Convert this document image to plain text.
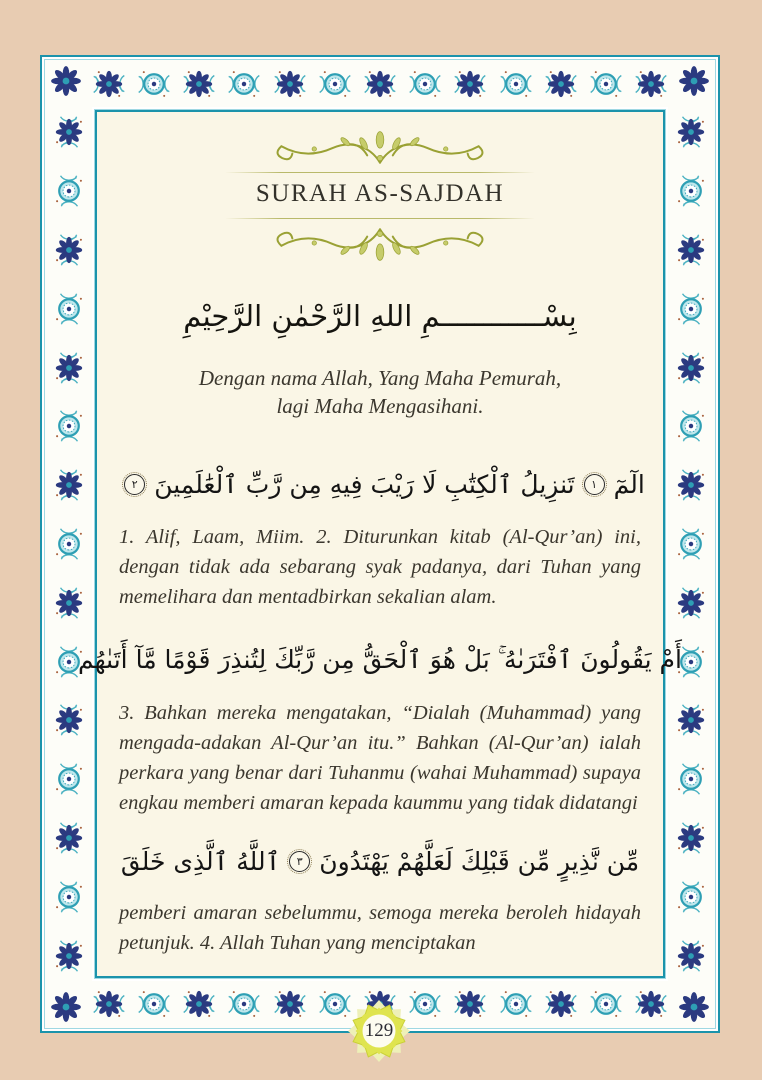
SURAH AS-SAJDAH
بِسْــــــــــــمِ اللهِ الرَّحْمٰنِ الرَّحِيْمِ
Dengan nama Allah, Yang Maha Pemurah,
lagi Maha Mengasihani.
الٓمٓ
١
تَنزِيلُ ٱلْكِتَٰبِ لَا رَيْبَ فِيهِ مِن رَّبِّ ٱلْعَٰلَمِينَ
٢

1. Alif, Laam, Miim. 2. Diturunkan kitab (Al-Qur’an) ini, dengan tidak ada sebarang syak padanya, dari Tuhan yang memelihara dan mentadbirkan sekalian alam.

أَمْ يَقُولُونَ ٱفْتَرَىٰهُ ۚ بَلْ هُوَ ٱلْحَقُّ مِن رَّبِّكَ لِتُنذِرَ قَوْمًا مَّآ أَتَىٰهُم

3. Bahkan mereka mengatakan, “Dialah (Muhammad) yang mengada-adakan Al-Qur’an itu.” Bahkan (Al-Qur’an) ialah perkara yang benar dari Tuhanmu (wahai Muhammad) supaya engkau memberi amaran kepada kaummu yang tidak didatangi

مِّن نَّذِيرٍ مِّن قَبْلِكَ لَعَلَّهُمْ يَهْتَدُونَ
٣
ٱللَّهُ ٱلَّذِى خَلَقَ

pemberi amaran sebelummu, semoga mereka beroleh hidayah petunjuk. 4. Allah Tuhan yang menciptakan

129
